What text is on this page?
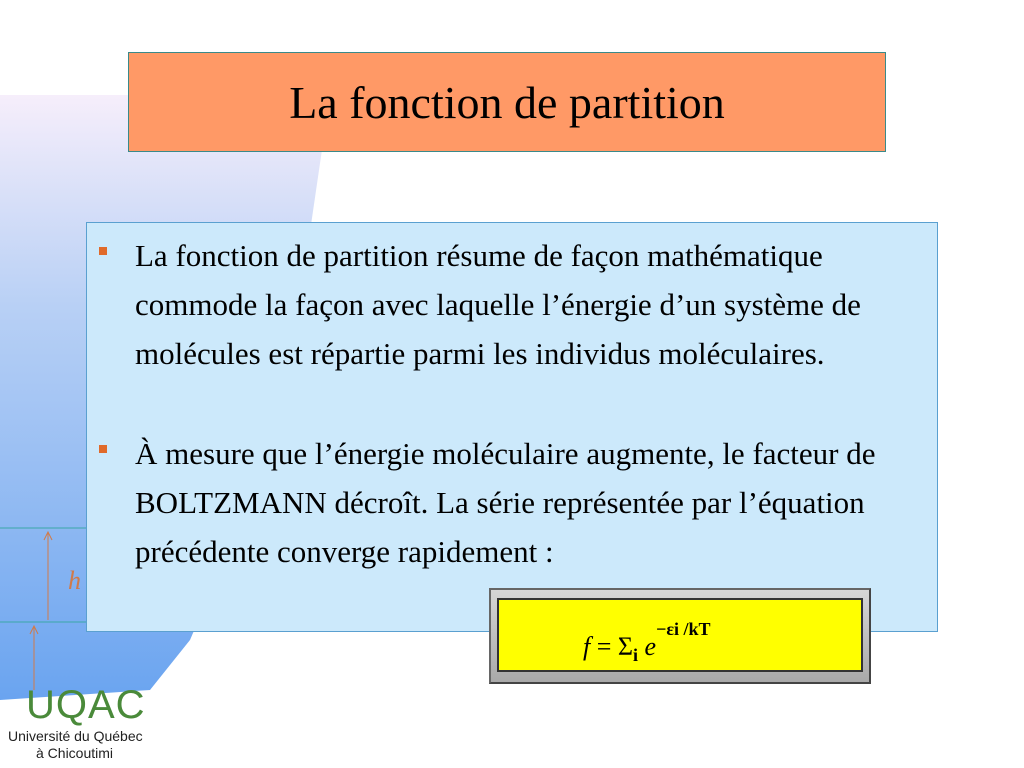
h
La fonction de partition
La fonction de partition résume de façon mathématique commode la façon avec laquelle l’énergie d’un système de molécules est répartie parmi les individus moléculaires.
À mesure que l’énergie moléculaire augmente, le facteur de BOLTZMANN décroît. La série représentée par l’équation précédente converge rapidement :
$f = \Sigma_i$ $e^{-\varepsilon i /kT}$
UQAC
Université du Québec
à Chicoutimi
